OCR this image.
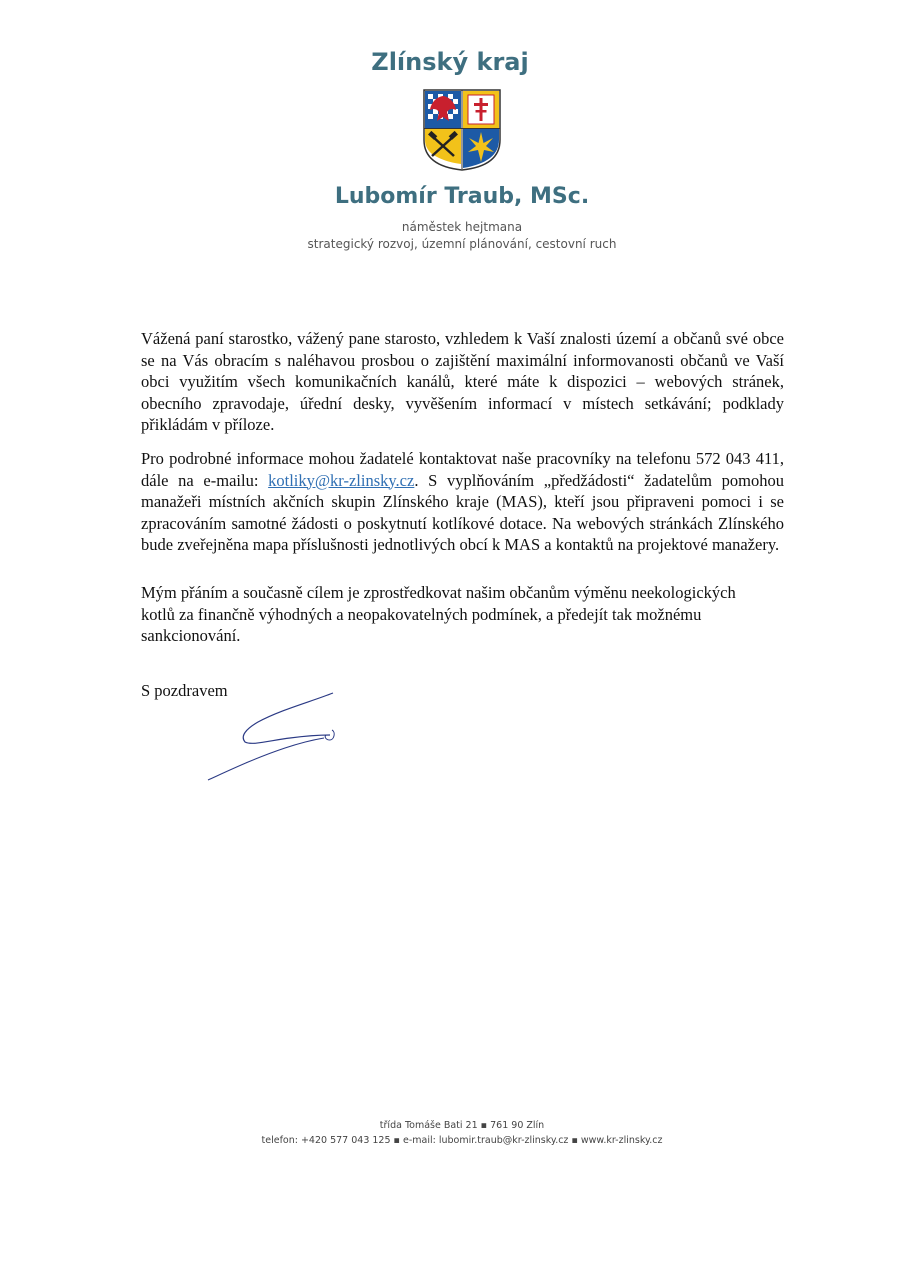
Zlínský kraj
Lubomír Traub, MSc.
náměstek hejtmana
strategický rozvoj, územní plánování, cestovní ruch

Vážená paní starostko, vážený pane starosto, vzhledem k Vaší znalosti území a občanů své obce se na Vás obracím s naléhavou prosbou o zajištění maximální informovanosti občanů ve Vaší obci využitím všech komunikačních kanálů, které máte k dispozici – webových stránek, obecního zpravodaje, úřední desky, vyvěšením informací v místech setkávání; podklady přikládám v příloze.

Pro podrobné informace mohou žadatelé kontaktovat naše pracovníky na telefonu 572 043 411, dále na e-mailu: kotliky@kr-zlinsky.cz. S vyplňováním „předžádosti“ žadatelům pomohou manažeři místních akčních skupin Zlínského kraje (MAS), kteří jsou připraveni pomoci i se zpracováním samotné žádosti o poskytnutí kotlíkové dotace. Na webových stránkách Zlínského bude zveřejněna mapa příslušnosti jednotlivých obcí k MAS a kontaktů na projektové manažery.

Mým přáním a současně cílem je zprostředkovat našim občanům výměnu neekologických kotlů za finančně výhodných a neopakovatelných podmínek, a předejít tak možnému sankcionování.

S pozdravem

třída Tomáše Bati 21 ▪ 761 90 Zlín
telefon: +420 577 043 125 ▪ e-mail: lubomir.traub@kr-zlinsky.cz ▪ www.kr-zlinsky.cz
